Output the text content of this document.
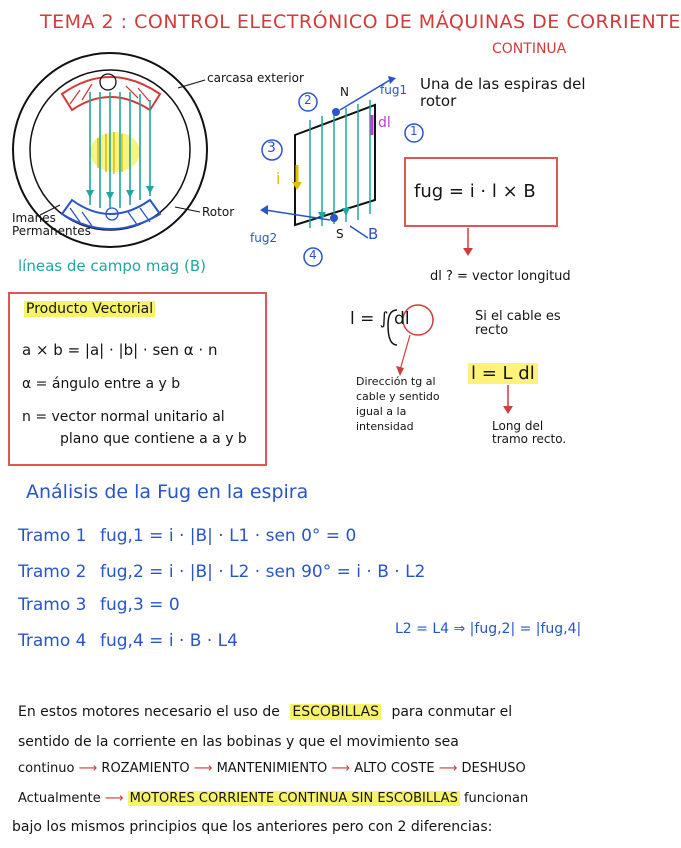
TEMA 2 : CONTROL ELECTRÓNICO DE MÁQUINAS DE CORRIENTE
CONTINUA
carcasa exterior
Imanes Permanentes
Rotor
líneas de campo mag (B)
fug1
fug2
Una de las espiras del rotor
dl
2
1
3
4
i
B
N
S
fug = i · l × B
dl ? = vector longitud
l = ∫ dl	Si el cable es recto
l = L dl
Dirección tg al cable y sentido igual a la intensidad	Long del tramo recto.
Producto Vectorial
a × b = |a| · |b| · sen α · n
α = ángulo entre a y b
n = vector normal unitario al
plano que contiene a a y b
Análisis de la Fug en la espira
Tramo 1 fug,1 = i · |B| · L1 · sen 0° = 0
Tramo 2 fug,2 = i · |B| · L2 · sen 90° = i · B · L2
Tramo 3 fug,3 = 0
Tramo 4 fug,4 = i · B · L4
L2 = L4 ⇒ |fug,2| = |fug,4|
En estos motores necesario el uso de ESCOBILLAS para conmutar el
sentido de la corriente en las bobinas y que el movimiento sea
continuo ⟶ ROZAMIENTO ⟶ MANTENIMIENTO ⟶ ALTO COSTE ⟶ DESHUSO
Actualmente ⟶ MOTORES CORRIENTE CONTINUA SIN ESCOBILLAS funcionan
bajo los mismos principios que los anteriores pero con 2 diferencias:
